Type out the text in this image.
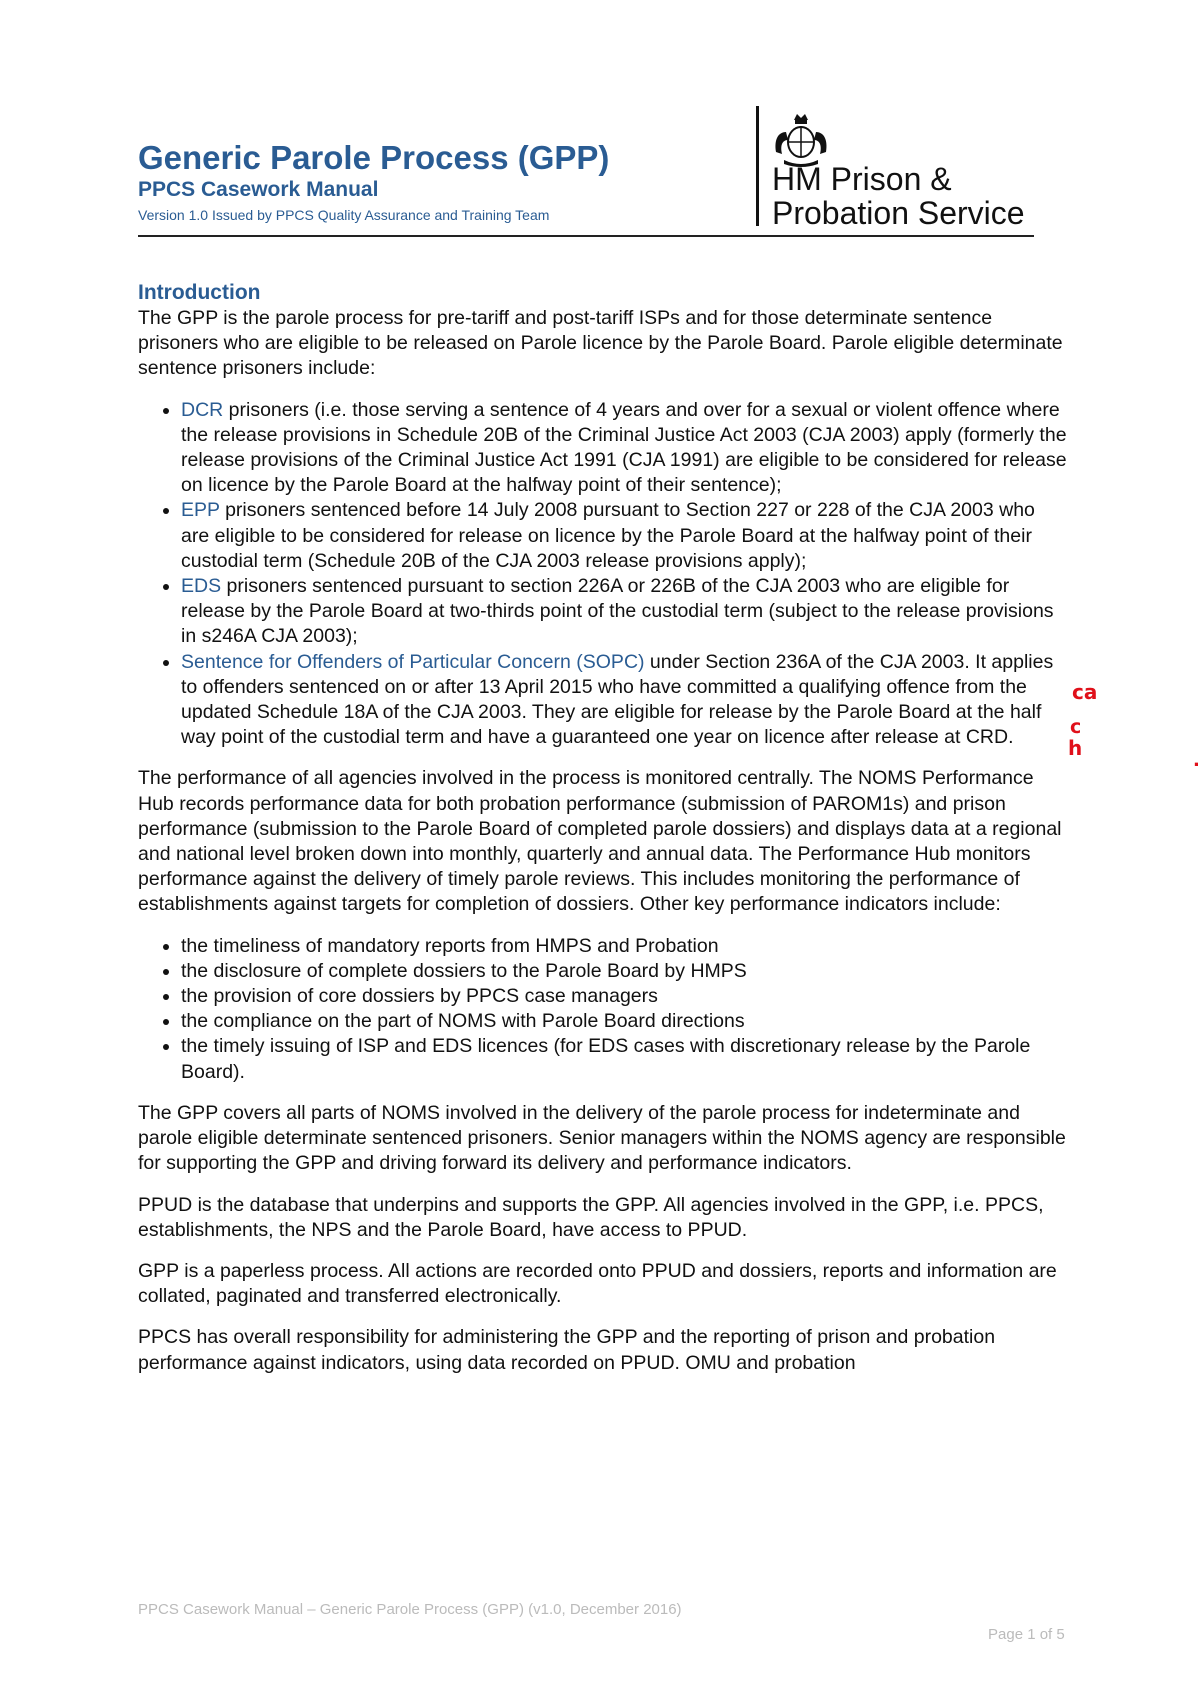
Generic Parole Process (GPP)
PPCS Casework Manual
Version 1.0 Issued by PPCS Quality Assurance and Training Team
HM Prison &
Probation Service
Introduction

The GPP is the parole process for pre-tariff and post-tariff ISPs and for those determinate sentence prisoners who are eligible to be released on Parole licence by the Parole Board. Parole eligible determinate sentence prisoners include:

• DCR prisoners (i.e. those serving a sentence of 4 years and over for a sexual or violent offence where the release provisions in Schedule 20B of the Criminal Justice Act 2003 (CJA 2003) apply (formerly the release provisions of the Criminal Justice Act 1991 (CJA 1991) are eligible to be considered for release on licence by the Parole Board at the halfway point of their sentence);
• EPP prisoners sentenced before 14 July 2008 pursuant to Section 227 or 228 of the CJA 2003 who are eligible to be considered for release on licence by the Parole Board at the halfway point of their custodial term (Schedule 20B of the CJA 2003 release provisions apply);
• EDS prisoners sentenced pursuant to section 226A or 226B of the CJA 2003 who are eligible for release by the Parole Board at two-thirds point of the custodial term (subject to the release provisions in s246A CJA 2003);
• Sentence for Offenders of Particular Concern (SOPC) under Section 236A of the CJA 2003. It applies to offenders sentenced on or after 13 April 2015 who have committed a qualifying offence from the updated Schedule 18A of the CJA 2003. They are eligible for release by the Parole Board at the half way point of the custodial term and have a guaranteed one year on licence after release at CRD.

The performance of all agencies involved in the process is monitored centrally. The NOMS Performance Hub records performance data for both probation performance (submission of PAROM1s) and prison performance (submission to the Parole Board of completed parole dossiers) and displays data at a regional and national level broken down into monthly, quarterly and annual data. The Performance Hub monitors performance against the delivery of timely parole reviews. This includes monitoring the performance of establishments against targets for completion of dossiers. Other key performance indicators include:

• the timeliness of mandatory reports from HMPS and Probation
• the disclosure of complete dossiers to the Parole Board by HMPS
• the provision of core dossiers by PPCS case managers
• the compliance on the part of NOMS with Parole Board directions
• the timely issuing of ISP and EDS licences (for EDS cases with discretionary release by the Parole Board).

The GPP covers all parts of NOMS involved in the delivery of the parole process for indeterminate and parole eligible determinate sentenced prisoners. Senior managers within the NOMS agency are responsible for supporting the GPP and driving forward its delivery and performance indicators.

PPUD is the database that underpins and supports the GPP. All agencies involved in the GPP, i.e. PPCS, establishments, the NPS and the Parole Board, have access to PPUD.

GPP is a paperless process. All actions are recorded onto PPUD and dossiers, reports and information are collated, paginated and transferred electronically.

PPCS has overall responsibility for administering the GPP and the reporting of prison and probation performance against indicators, using data recorded on PPUD. OMU and probation

ca
c
h
.
PPCS Casework Manual – Generic Parole Process (GPP) (v1.0, December 2016)
Page 1 of 5
